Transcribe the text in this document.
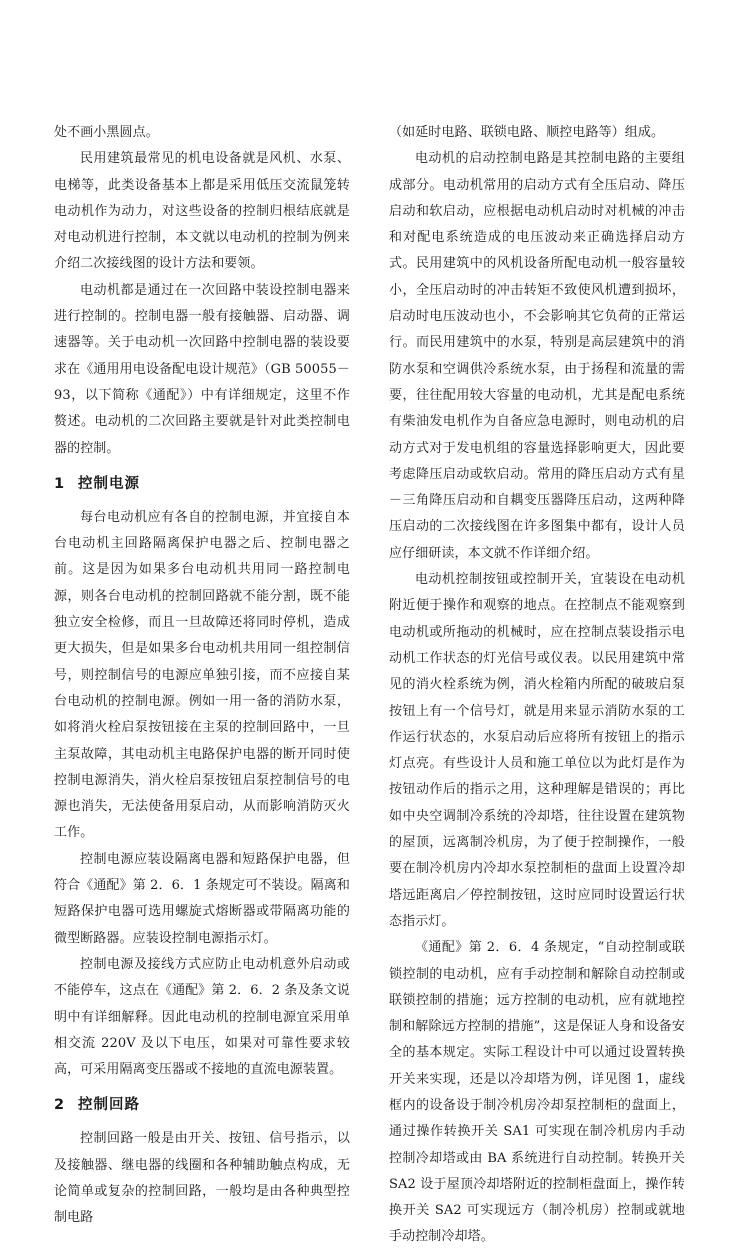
处不画小黑圆点。

民用建筑最常见的机电设备就是风机、水泵、电梯等，此类设备基本上都是采用低压交流鼠笼转电动机作为动力，对这些设备的控制归根结底就是对电动机进行控制，本文就以电动机的控制为例来介绍二次接线图的设计方法和要领。

电动机都是通过在一次回路中装设控制电器来进行控制的。控制电器一般有接触器、启动器、调速器等。关于电动机一次回路中控制电器的装设要求在《通用用电设备配电设计规范》（GB 50055－93，以下简称《通配》）中有详细规定，这里不作赘述。电动机的二次回路主要就是针对此类控制电器的控制。

1 控制电源

每台电动机应有各自的控制电源，并宜接自本台电动机主回路隔离保护电器之后、控制电器之前。这是因为如果多台电动机共用同一路控制电源，则各台电动机的控制回路就不能分割，既不能独立安全检修，而且一旦故障还将同时停机，造成更大损失，但是如果多台电动机共用同一组控制信号，则控制信号的电源应单独引接，而不应接自某台电动机的控制电源。例如一用一备的消防水泵，如将消火栓启泵按钮接在主泵的控制回路中，一旦主泵故障，其电动机主电路保护电器的断开同时使控制电源消失，消火栓启泵按钮启泵控制信号的电源也消失，无法使备用泵启动，从而影响消防灭火工作。

控制电源应装设隔离电器和短路保护电器，但符合《通配》第 2．6．1 条规定可不装设。隔离和短路保护电器可选用螺旋式熔断器或带隔离功能的微型断路器。应装设控制电源指示灯。

控制电源及接线方式应防止电动机意外启动或不能停车，这点在《通配》第 2．6．2 条及条文说明中有详细解释。因此电动机的控制电源宜采用单相交流 220V 及以下电压，如果对可靠性要求较高，可采用隔离变压器或不接地的直流电源装置。

2 控制回路

控制回路一般是由开关、按钮、信号指示，以及接触器、继电器的线圈和各种辅助触点构成，无论简单或复杂的控制回路，一般均是由各种典型控制电路

（如延时电路、联锁电路、顺控电路等）组成。

电动机的启动控制电路是其控制电路的主要组成部分。电动机常用的启动方式有全压启动、降压启动和软启动，应根据电动机启动时对机械的冲击和对配电系统造成的电压波动来正确选择启动方式。民用建筑中的风机设备所配电动机一般容量较小，全压启动时的冲击转矩不致使风机遭到损坏，启动时电压波动也小，不会影响其它负荷的正常运行。而民用建筑中的水泵，特别是高层建筑中的消防水泵和空调供冷系统水泵，由于扬程和流量的需要，往往配用较大容量的电动机，尤其是配电系统有柴油发电机作为自备应急电源时，则电动机的启动方式对于发电机组的容量选择影响更大，因此要考虑降压启动或软启动。常用的降压启动方式有星－三角降压启动和自耦变压器降压启动，这两种降压启动的二次接线图在许多图集中都有，设计人员应仔细研读，本文就不作详细介绍。

电动机控制按钮或控制开关，宜装设在电动机附近便于操作和观察的地点。在控制点不能观察到电动机或所拖动的机械时，应在控制点装设指示电动机工作状态的灯光信号或仪表。以民用建筑中常见的消火栓系统为例，消火栓箱内所配的破玻启泵按钮上有一个信号灯，就是用来显示消防水泵的工作运行状态的，水泵启动后应将所有按钮上的指示灯点亮。有些设计人员和施工单位以为此灯是作为按钮动作后的指示之用，这种理解是错误的；再比如中央空调制冷系统的冷却塔，往往设置在建筑物的屋顶，远离制冷机房，为了便于控制操作，一般要在制冷机房内冷却水泵控制柜的盘面上设置冷却塔远距离启／停控制按钮，这时应同时设置运行状态指示灯。

《通配》第 2．6．4 条规定，“自动控制或联锁控制的电动机，应有手动控制和解除自动控制或联锁控制的措施；远方控制的电动机，应有就地控制和解除远方控制的措施”，这是保证人身和设备安全的基本规定。实际工程设计中可以通过设置转换开关来实现，还是以冷却塔为例，详见图 1，虚线框内的设备设于制冷机房冷却泵控制柜的盘面上，通过操作转换开关 SA1 可实现在制冷机房内手动控制冷却塔或由 BA 系统进行自动控制。转换开关 SA2 设于屋顶冷却塔附近的控制柜盘面上，操作转换开关 SA2 可实现远方（制冷机房）控制或就地手动控制冷却塔。
